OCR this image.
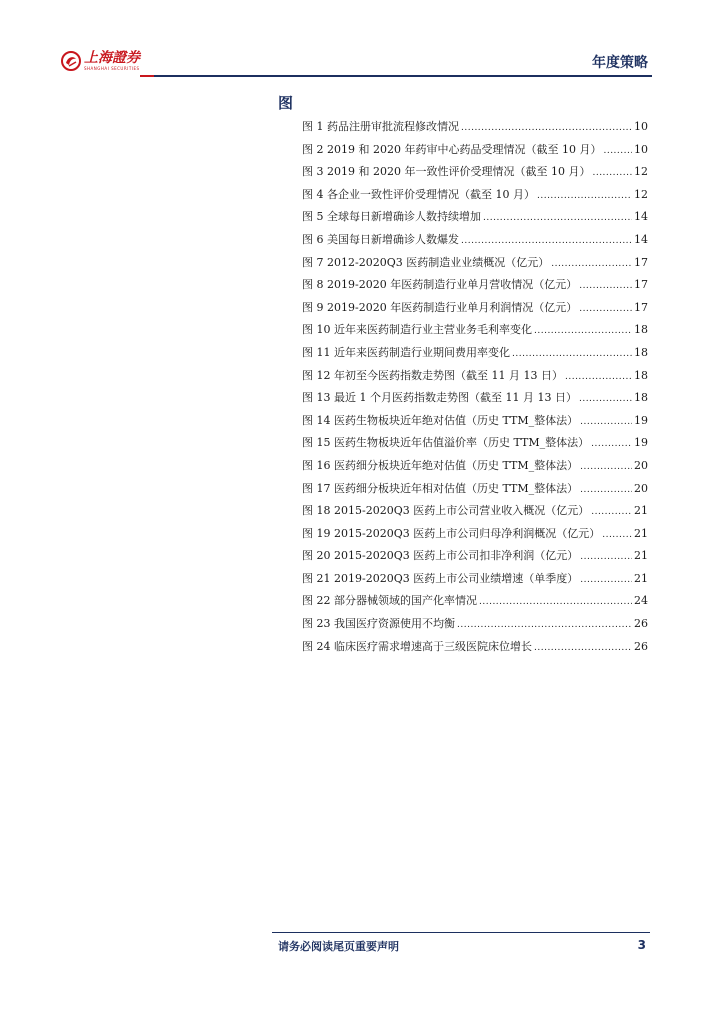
上海證券
SHANGHAI SECURITIES	年度策略
图
图 1 药品注册审批流程修改情况 .....	10
图 2 2019 和 2020 年药审中心药品受理情况（截至 10 月） .....	10
图 3 2019 和 2020 年一致性评价受理情况（截至 10 月） .....	12
图 4 各企业一致性评价受理情况（截至 10 月） .....	12
图 5 全球每日新增确诊人数持续增加 .....	14
图 6 美国每日新增确诊人数爆发 .....	14
图 7 2012-2020Q3 医药制造业业绩概况（亿元） .....	17
图 8 2019-2020 年医药制造行业单月营收情况（亿元） .....	17
图 9 2019-2020 年医药制造行业单月利润情况（亿元） .....	17
图 10 近年来医药制造行业主营业务毛利率变化 .....	18
图 11 近年来医药制造行业期间费用率变化 .....	18
图 12 年初至今医药指数走势图（截至 11 月 13 日） .....	18
图 13 最近 1 个月医药指数走势图（截至 11 月 13 日） .....	18
图 14 医药生物板块近年绝对估值（历史 TTM_整体法） .....	19
图 15 医药生物板块近年估值溢价率（历史 TTM_整体法） .....	19
图 16 医药细分板块近年绝对估值（历史 TTM_整体法） .....	20
图 17 医药细分板块近年相对估值（历史 TTM_整体法） .....	20
图 18 2015-2020Q3 医药上市公司营业收入概况（亿元） .....	21
图 19 2015-2020Q3 医药上市公司归母净利润概况（亿元） .....	21
图 20 2015-2020Q3 医药上市公司扣非净利润（亿元） .....	21
图 21 2019-2020Q3 医药上市公司业绩增速（单季度） .....	21
图 22 部分器械领域的国产化率情况 .....	24
图 23 我国医疗资源使用不均衡 .....	26
图 24 临床医疗需求增速高于三级医院床位增长 .....	26
请务必阅读尾页重要声明	3
